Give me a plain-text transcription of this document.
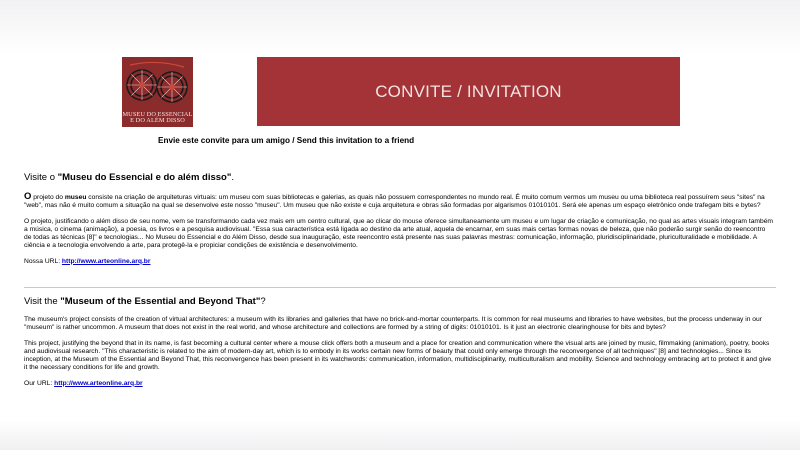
MUSEU DO ESSENCIAL
E DO ALÉM DISSO
CONVITE / INVITATION
Envie este convite para um amigo / Send this invitation to a friend

Visite o "Museu do Essencial e do além disso".

O projeto do museu consiste na criação de arquiteturas virtuais: um museu com suas bibliotecas e galerias, as quais não possuem correspondentes no mundo real. É muito comum vermos um museu ou uma biblioteca real possuírem seus "sites" na "web", mas não é muito comum a situação na qual se desenvolve este nosso "museu". Um museu que não existe e cuja arquitetura e obras são formadas por algarismos 01010101. Será ele apenas um espaço eletrônico onde trafegam bits e bytes?

O projeto, justificando o além disso de seu nome, vem se transformando cada vez mais em um centro cultural, que ao clicar do mouse oferece simultaneamente um museu e um lugar de criação e comunicação, no qual as artes visuais integram também a música, o cinema (animação), a poesia, os livros e a pesquisa audiovisual. "Essa sua característica está ligada ao destino da arte atual, aquela de encarnar, em suas mais certas formas novas de beleza, que não poderão surgir senão do reencontro de todas as técnicas [8]" e tecnologias... No Museu do Essencial e do Além Disso, desde sua inauguração, este reencontro está presente nas suas palavras mestras: comunicação, informação, pluridisciplinaridade, pluriculturalidade e mobilidade. A ciência e a tecnologia envolvendo a arte, para protegê-la e propiciar condições de existência e desenvolvimento.

Nossa URL: http://www.arteonline.arq.br

Visit the "Museum of the Essential and Beyond That"?

The museum's project consists of the creation of virtual architectures: a museum with its libraries and galleries that have no brick-and-mortar counterparts. It is common for real museums and libraries to have websites, but the process underway in our "museum" is rather uncommon. A museum that does not exist in the real world, and whose architecture and collections are formed by a string of digits: 01010101. Is it just an electronic clearinghouse for bits and bytes?

This project, justifying the beyond that in its name, is fast becoming a cultural center where a mouse click offers both a museum and a place for creation and communication where the visual arts are joined by music, filmmaking (animation), poetry, books and audiovisual research. "This characteristic is related to the aim of modern-day art, which is to embody in its works certain new forms of beauty that could only emerge through the reconvergence of all techniques" [8] and technologies... Since its inception, at the Museum of the Essential and Beyond That, this reconvergence has been present in its watchwords: communication, information, multidisciplinarity, multiculturalism and mobility. Science and technology embracing art to protect it and give it the necessary conditions for life and growth.

Our URL: http://www.arteonline.arq.br
